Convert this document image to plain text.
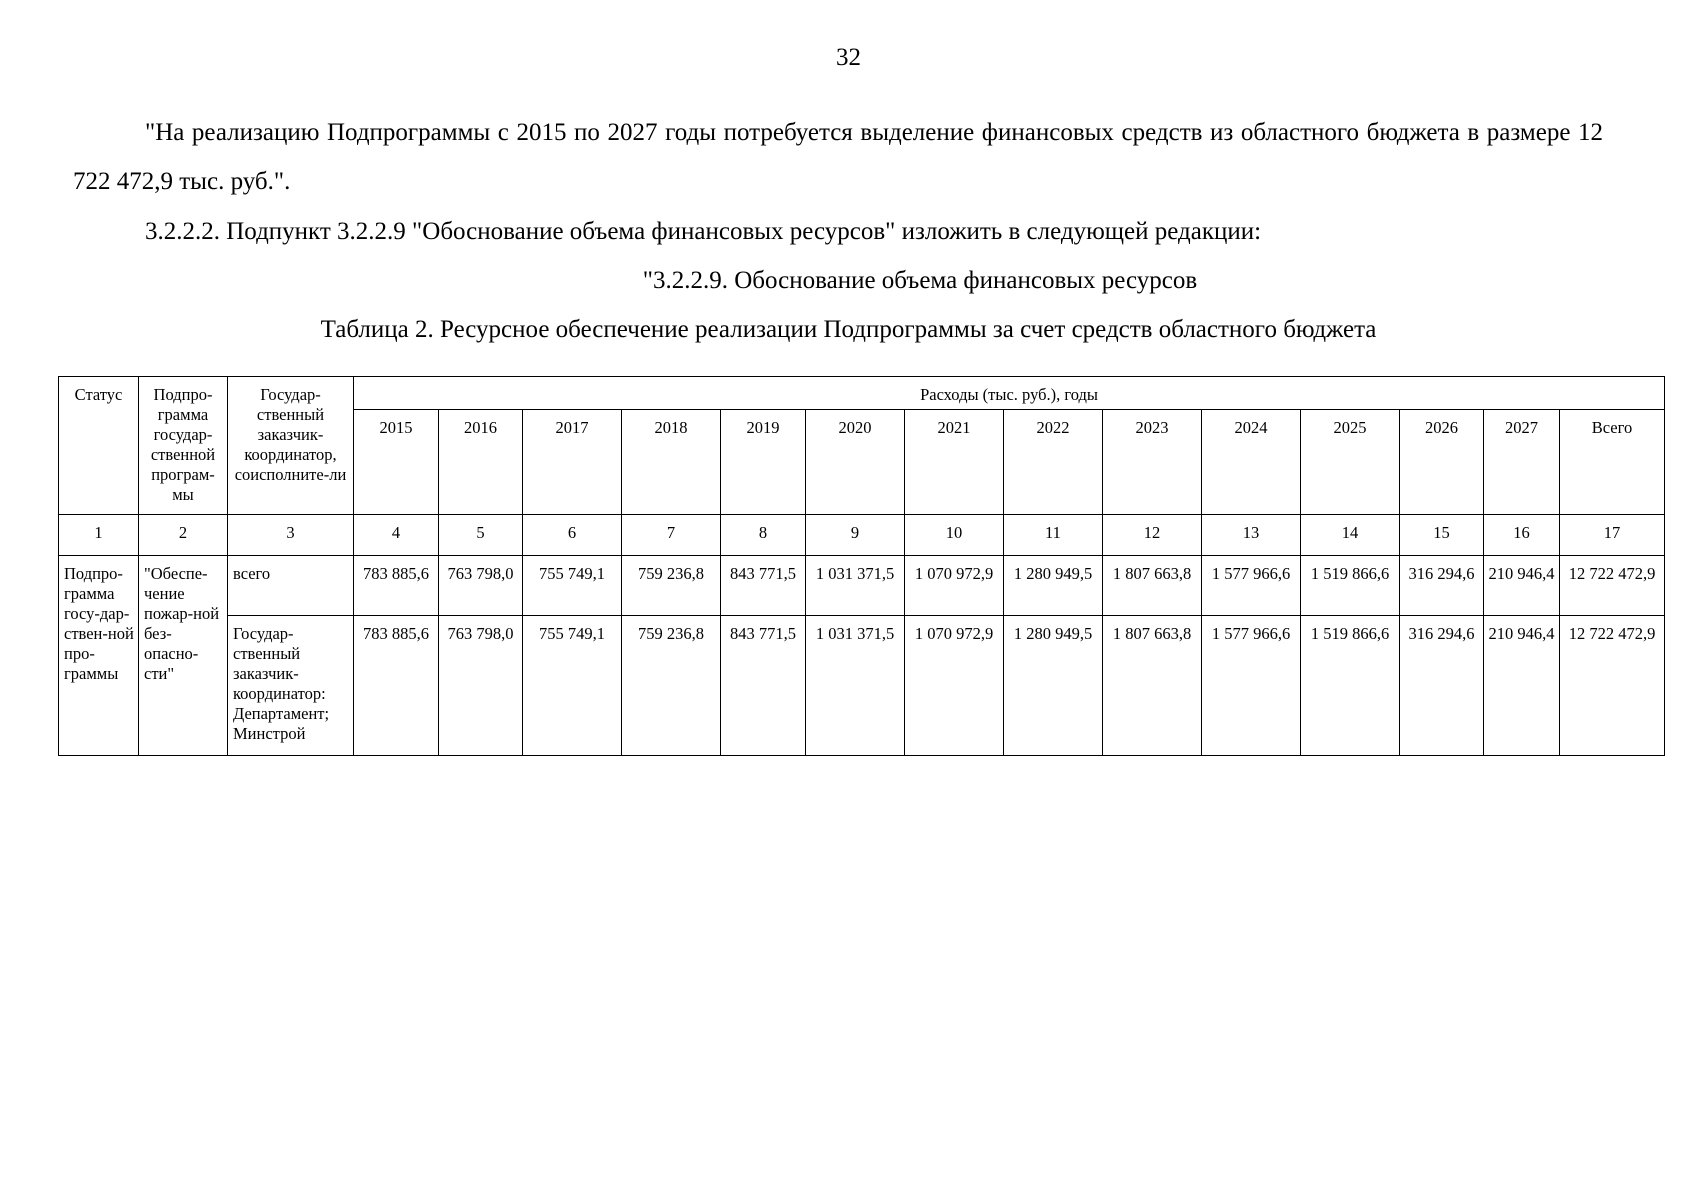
32
"На реализацию Подпрограммы с 2015 по 2027 годы потребуется выделение финансовых средств из областного бюджета в размере 12 722 472,9 тыс. руб.".
3.2.2.2. Подпункт 3.2.2.9 "Обоснование объема финансовых ресурсов" изложить в следующей редакции:
"3.2.2.9. Обоснование объема финансовых ресурсов
Таблица 2. Ресурсное обеспечение реализации Подпрограммы за счет средств областного бюджета
Статус	Подпро-грамма государ-ственной програм-мы	Государ-ственный заказчик-координатор, соисполните-ли	Расходы (тыс. руб.), годы													
			2015	2016	2017	2018	2019	2020	2021	2022	2023	2024	2025	2026	2027	Всего
1	2	3	4	5	6	7	8	9	10	11	12	13	14	15	16	17
Подпро-грамма госу-дар-ствен-ной про-граммы	"Обеспе-чение пожар-ной без-опасно-сти"	всего	783 885,6	763 798,0	755 749,1	759 236,8	843 771,5	1 031 371,5	1 070 972,9	1 280 949,5	1 807 663,8	1 577 966,6	1 519 866,6	316 294,6	210 946,4	12 722 472,9
		Государ-ственный заказчик-координатор: Департамент; Минстрой	783 885,6	763 798,0	755 749,1	759 236,8	843 771,5	1 031 371,5	1 070 972,9	1 280 949,5	1 807 663,8	1 577 966,6	1 519 866,6	316 294,6	210 946,4	12 722 472,9
